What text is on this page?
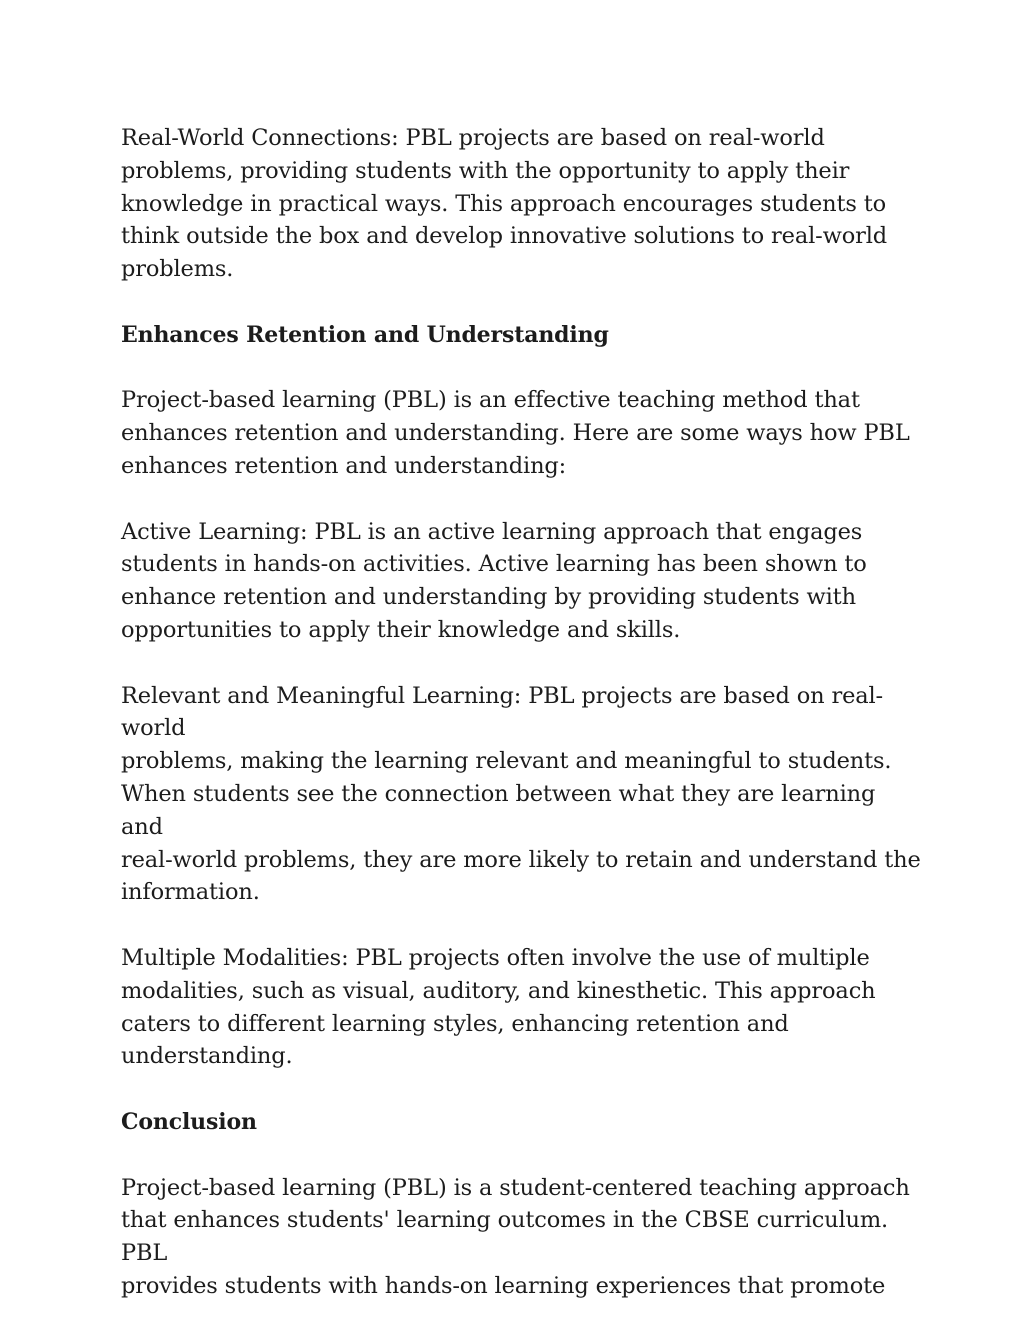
Real-World Connections: PBL projects are based on real-world

problems, providing students with the opportunity to apply their

knowledge in practical ways. This approach encourages students to

think outside the box and develop innovative solutions to real-world

problems.

Enhances Retention and Understanding

Project-based learning (PBL) is an effective teaching method that

enhances retention and understanding. Here are some ways how PBL

enhances retention and understanding:

Active Learning: PBL is an active learning approach that engages

students in hands-on activities. Active learning has been shown to

enhance retention and understanding by providing students with

opportunities to apply their knowledge and skills.

Relevant and Meaningful Learning: PBL projects are based on real-world

problems, making the learning relevant and meaningful to students.

When students see the connection between what they are learning and

real-world problems, they are more likely to retain and understand the

information.

Multiple Modalities: PBL projects often involve the use of multiple

modalities, such as visual, auditory, and kinesthetic. This approach

caters to different learning styles, enhancing retention and

understanding.

Conclusion

Project-based learning (PBL) is a student-centered teaching approach

that enhances students' learning outcomes in the CBSE curriculum. PBL

provides students with hands-on learning experiences that promote
